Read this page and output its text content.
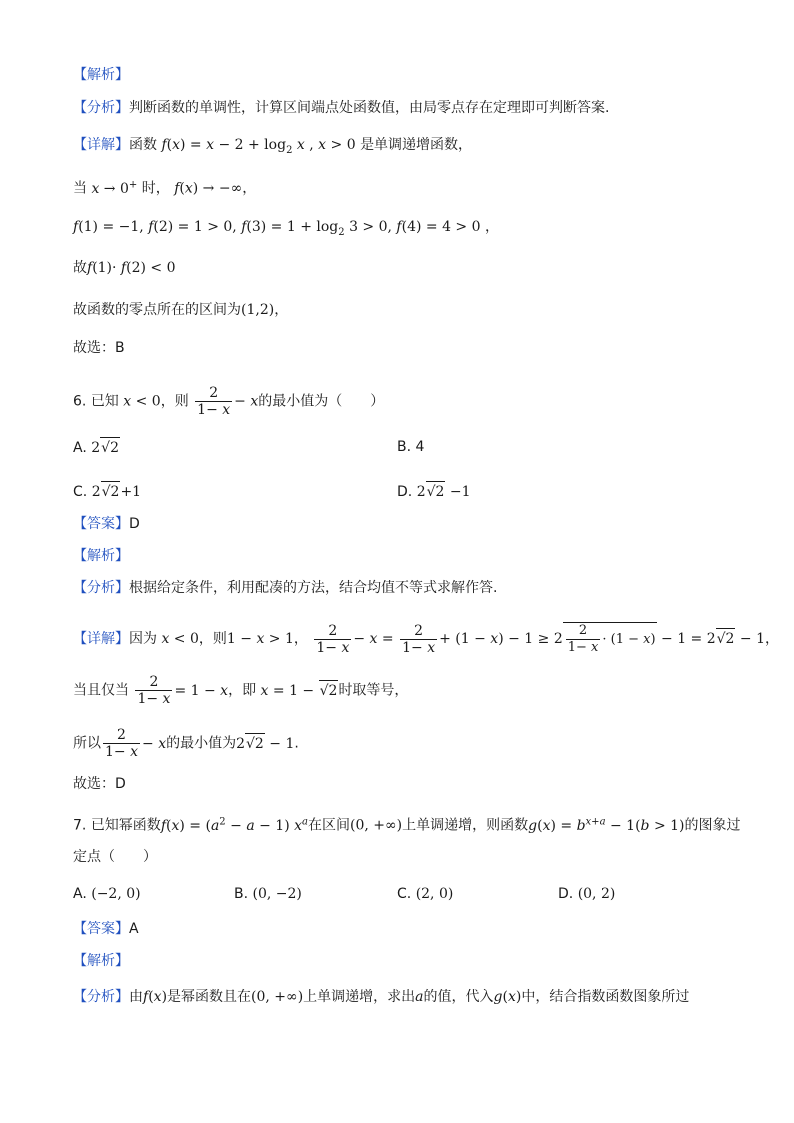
【解析】
【分析】判断函数的单调性，计算区间端点处函数值，由局零点存在定理即可判断答案.
【详解】函数 $f(x) = x - 2 + \log_2 x$ , x > 0 是单调递增函数，
当 x → 0+ 时， f(x) → −∞，
f(1) = −1, f(2) = 1 > 0, $f(3) = 1 + \log_2 3 > 0$, f(4) = 4 > 0 ，
故f(1)· f(2) < 0
故函数的零点所在的区间为(1,2)，
故选：B
6. 已知 x < 0，则 $\frac{2}{1- x} - x$的最小值为（　　）
A. 2√2	B. 4
C. 2√2+1	D. 2√2 −1
【答案】D
【解析】
【分析】根据给定条件，利用配凑的方法，结合均值不等式求解作答.
【详解】因为 x < 0，则1 − x > 1， $\frac{2}{1- x} - x = \frac{2}{1- x} + (1 - x) - 1 \ge 2 \frac{2}{1- x} \cdot (1 - x) - 1 = 2√2 - 1$，
当且仅当 $\frac{2}{1- x} = 1 - x$，即 x = 1 − √2时取等号，
所以 $\frac{2}{1- x} - x$的最小值为2√2 − 1.
故选：D
7. 已知幂函数$f(x) = (a^2 - a - 1)$ $x^a$在区间(0, +∞)上单调递增，则函数$g(x) = b^{x+a} - 1(b > 1)$的图象过
定点（　　）
A. (−2, 0)	B. (0, −2)	C. (2, 0)	D. (0, 2)
【答案】A
【解析】
【分析】由f(x)是幂函数且在(0, +∞)上单调递增，求出a的值，代入g(x)中，结合指数函数图象所过
